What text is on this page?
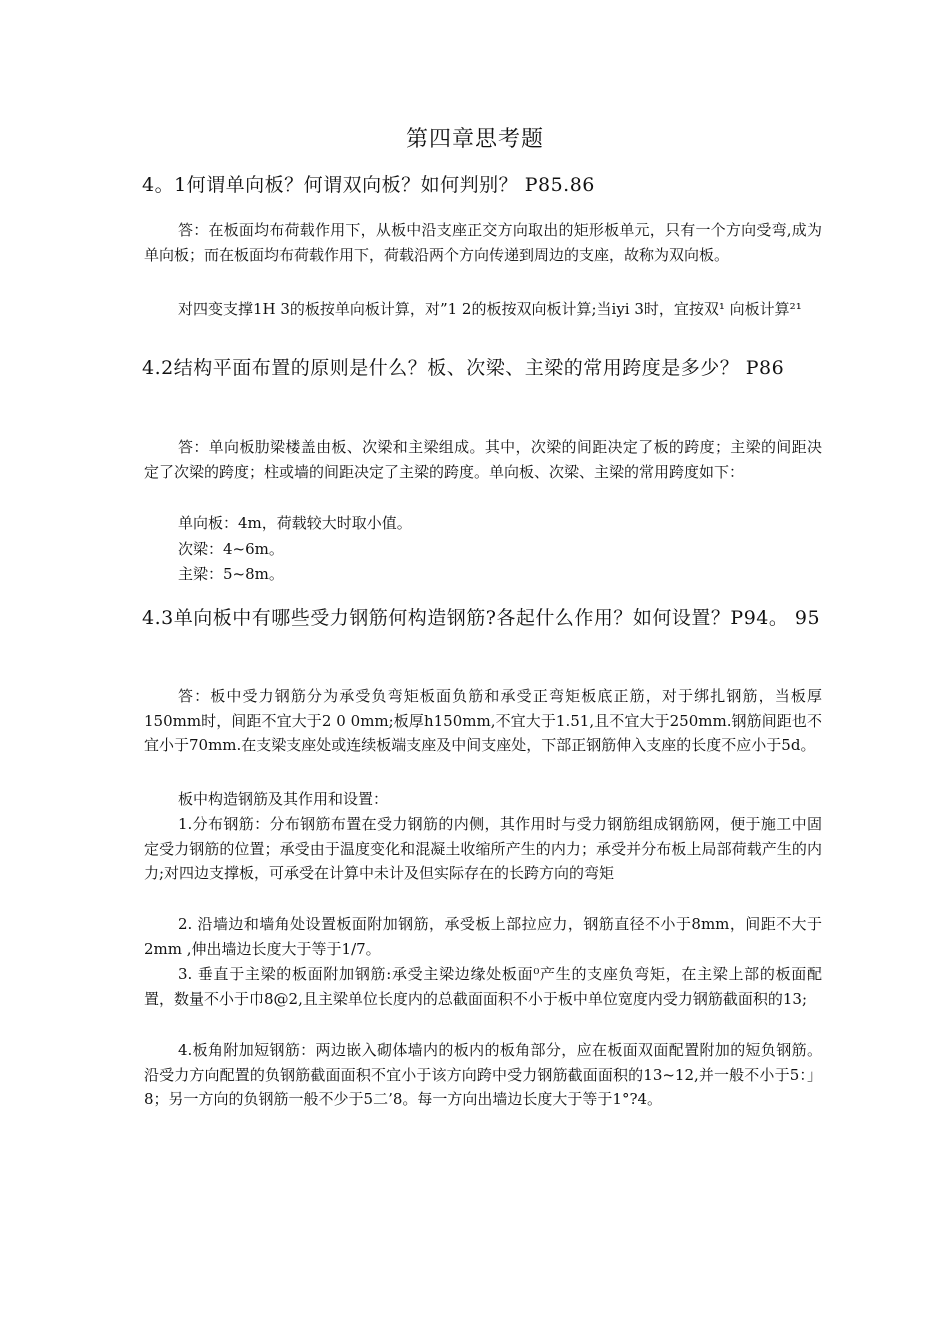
第四章思考题
4。1何谓单向板？何谓双向板？如何判别？ P85.86
答：在板面均布荷载作用下，从板中沿支座正交方向取出的矩形板单元，只有一个方向受弯,成为单向板；而在板面均布荷载作用下，荷载沿两个方向传递到周边的支座，故称为双向板。
对四变支撑1H 3的板按单向板计算，对”1 2的板按双向板计算;当iyi 3时，宜按双¹ 向板计算²¹
4.2结构平面布置的原则是什么？板、次梁、主梁的常用跨度是多少？ P86
答：单向板肋梁楼盖由板、次梁和主梁组成。其中，次梁的间距决定了板的跨度；主梁的间距决定了次梁的跨度；柱或墙的间距决定了主梁的跨度。单向板、次梁、主梁的常用跨度如下：
单向板：4m，荷载较大时取小值。
次梁：4~6m。
主梁：5~8m。
4.3单向板中有哪些受力钢筋何构造钢筋?各起什么作用？如何设置？P94。 95
答：板中受力钢筋分为承受负弯矩板面负筋和承受正弯矩板底正筋，对于绑扎钢筋，当板厚150mm时，间距不宜大于2 0 0mm;板厚h150mm,不宜大于1.51,且不宜大于250mm.钢筋间距也不宜小于70mm.在支梁支座处或连续板端支座及中间支座处，下部正钢筋伸入支座的长度不应小于5d。
板中构造钢筋及其作用和设置：
1.分布钢筋：分布钢筋布置在受力钢筋的内侧，其作用时与受力钢筋组成钢筋网，便于施工中固定受力钢筋的位置；承受由于温度变化和混凝土收缩所产生的内力；承受并分布板上局部荷载产生的内力;对四边支撑板，可承受在计算中未计及但实际存在的长跨方向的弯矩
2. 沿墙边和墙角处设置板面附加钢筋，承受板上部拉应力，钢筋直径不小于8mm，间距不大于2mm ,伸出墙边长度大于等于1/7。
3. 垂直于主梁的板面附加钢筋:承受主梁边缘处板面⁰产生的支座负弯矩，在主梁上部的板面配置，数量不小于巾8@2,且主梁单位长度内的总截面面积不小于板中单位宽度内受力钢筋截面积的13;
4.板角附加短钢筋：两边嵌入砌体墙内的板内的板角部分，应在板面双面配置附加的短负钢筋。沿受力方向配置的负钢筋截面面积不宜小于该方向跨中受力钢筋截面面积的13~12,并一般不小于5：」8；另一方向的负钢筋一般不少于5二’8。每一方向出墙边长度大于等于1°?4。
